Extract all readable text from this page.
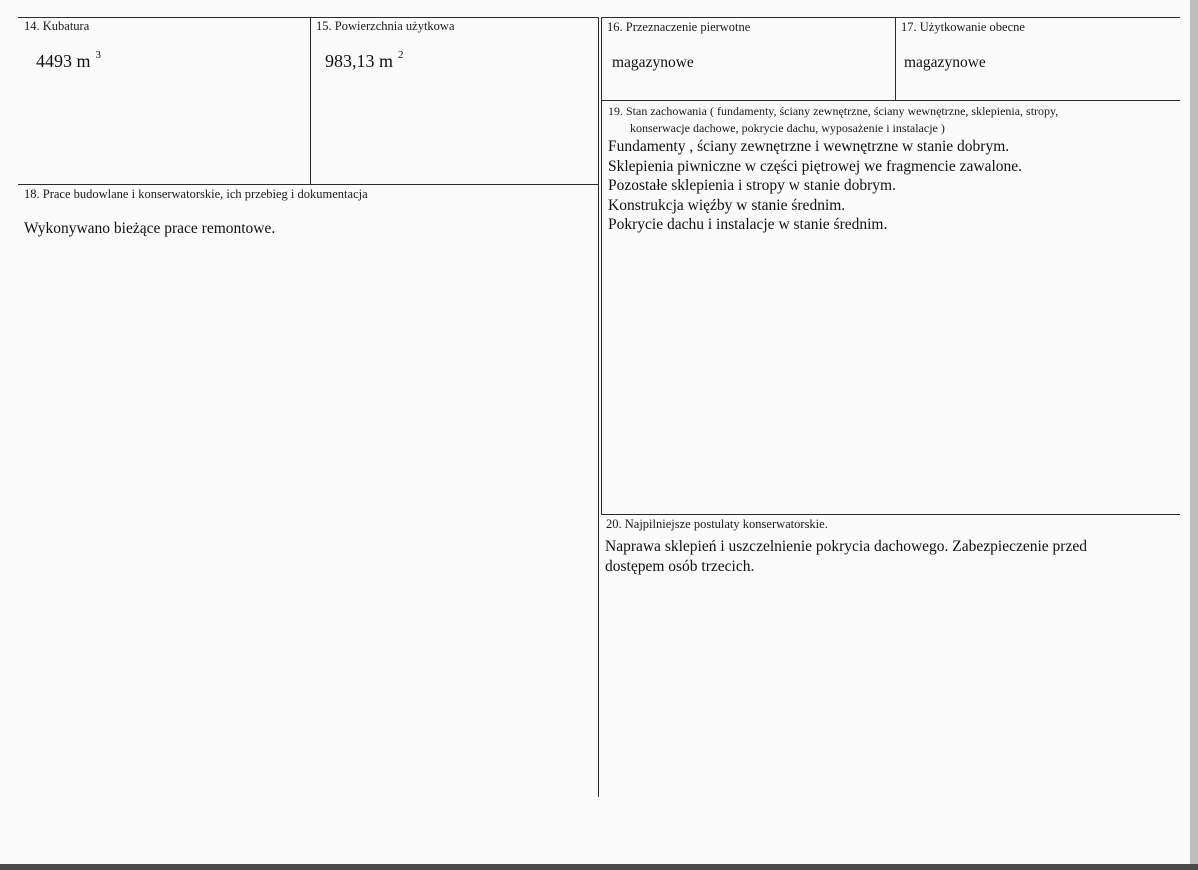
14. Kubatura
4493 m $^3$
15. Powierzchnia użytkowa
983,13 m $^2$
16. Przeznaczenie pierwotne
magazynowe
17. Użytkowanie obecne
magazynowe
18. Prace budowlane i konserwatorskie, ich przebieg i dokumentacja
Wykonywano bieżące prace remontowe.
19. Stan zachowania ( fundamenty, ściany zewnętrzne, ściany wewnętrzne, sklepienia, stropy,
konserwacje dachowe, pokrycie dachu, wyposażenie i instalacje )
Fundamenty , ściany zewnętrzne i wewnętrzne w stanie dobrym.
Sklepienia piwniczne w części piętrowej we fragmencie zawalone.
Pozostałe sklepienia i stropy w stanie dobrym.
Konstrukcja więźby w stanie średnim.
Pokrycie dachu i instalacje w stanie średnim.
20. Najpilniejsze postulaty konserwatorskie.
Naprawa sklepień i uszczelnienie pokrycia dachowego. Zabezpieczenie przed
dostępem osób trzecich.
